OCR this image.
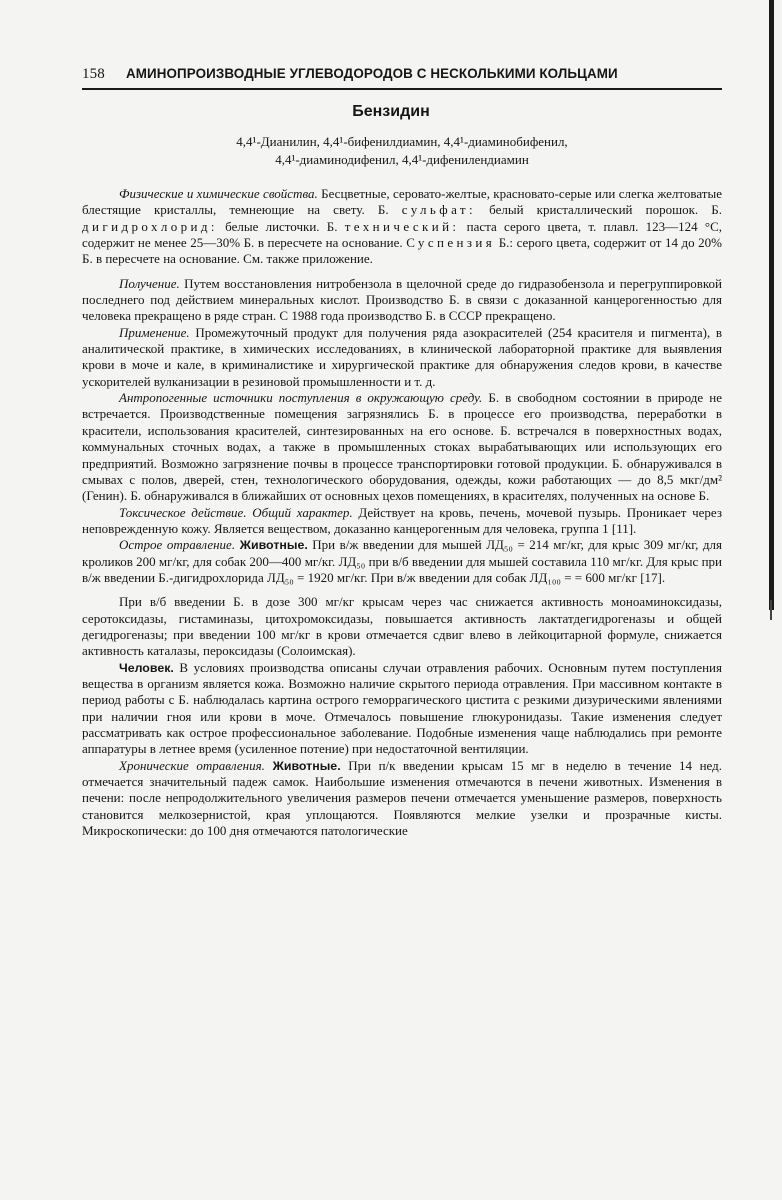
158 АМИНОПРОИЗВОДНЫЕ УГЛЕВОДОРОДОВ С НЕСКОЛЬКИМИ КОЛЬЦАМИ
Бензидин
4,4¹-Дианилин, 4,4¹-бифенилдиамин, 4,4¹-диаминобифенил,
4,4¹-диаминодифенил, 4,4¹-дифенилендиамин

Физические и химические свойства. Бесцветные, серовато-желтые, красновато-серые или слегка желтоватые блестящие кристаллы, темнеющие на свету. Б. сульфат: белый кристаллический порошок. Б. дигидрохлорид: белые листочки. Б. технический: паста серого цвета, т. плавл. 123—124 °С, содержит не менее 25—30% Б. в пересчете на основание. Суспензия Б.: серого цвета, содержит от 14 до 20% Б. в пересчете на основание. См. также приложение.

Получение. Путем восстановления нитробензола в щелочной среде до гидразобензола и перегруппировкой последнего под действием минеральных кислот. Производство Б. в связи с доказанной канцерогенностью для человека прекращено в ряде стран. С 1988 года производство Б. в СССР прекращено.

Применение. Промежуточный продукт для получения ряда азокрасителей (254 красителя и пигмента), в аналитической практике, в химических исследованиях, в клинической лабораторной практике для выявления крови в моче и кале, в криминалистике и хирургической практике для обнаружения следов крови, в качестве ускорителей вулканизации в резиновой промышленности и т. д.

Антропогенные источники поступления в окружающую среду. Б. в свободном состоянии в природе не встречается. Производственные помещения загрязнялись Б. в процессе его производства, переработки в красители, использования красителей, синтезированных на его основе. Б. встречался в поверхностных водах, коммунальных сточных водах, а также в промышленных стоках вырабатывающих или использующих его предприятий. Возможно загрязнение почвы в процессе транспортировки готовой продукции. Б. обнаруживался в смывах с полов, дверей, стен, технологического оборудования, одежды, кожи работающих — до 8,5 мкг/дм² (Генин). Б. обнаруживался в ближайших от основных цехов помещениях, в красителях, полученных на основе Б.

Токсическое действие. Общий характер. Действует на кровь, печень, мочевой пузырь. Проникает через неповрежденную кожу. Является веществом, доказанно канцерогенным для человека, группа 1 [11].

Острое отравление. Животные. При в/ж введении для мышей ЛД₅₀ = 214 мг/кг, для крыс 309 мг/кг, для кроликов 200 мг/кг, для собак 200—400 мг/кг. ЛД₅₀ при в/б введении для мышей составила 110 мг/кг. Для крыс при в/ж введении Б.-дигидрохлорида ЛД₅₀ = 1920 мг/кг. При в/ж введении для собак ЛД₁₀₀ = = 600 мг/кг [17].

При в/б введении Б. в дозе 300 мг/кг крысам через час снижается активность моноаминоксидазы, серотоксидазы, гистаминазы, цитохромоксидазы, повышается активность лактатдегидрогеназы и общей дегидрогеназы; при введении 100 мг/кг в крови отмечается сдвиг влево в лейкоцитарной формуле, снижается активность каталазы, пероксидазы (Солоимская).

Человек. В условиях производства описаны случаи отравления рабочих. Основным путем поступления вещества в организм является кожа. Возможно наличие скрытого периода отравления. При массивном контакте в период работы с Б. наблюдалась картина острого геморрагического цистита с резкими дизурическими явлениями при наличии гноя или крови в моче. Отмечалось повышение глюкуронидазы. Такие изменения следует рассматривать как острое профессиональное заболевание. Подобные изменения чаще наблюдались при ремонте аппаратуры в летнее время (усиленное потение) при недостаточной вентиляции.

Хронические отравления. Животные. При п/к введении крысам 15 мг в неделю в течение 14 нед. отмечается значительный падеж самок. Наибольшие изменения отмечаются в печени животных. Изменения в печени: после непродолжительного увеличения размеров печени отмечается уменьшение размеров, поверхность становится мелкозернистой, края уплощаются. Появляются мелкие узелки и прозрачные кисты. Микроскопически: до 100 дня отмечаются патологические
